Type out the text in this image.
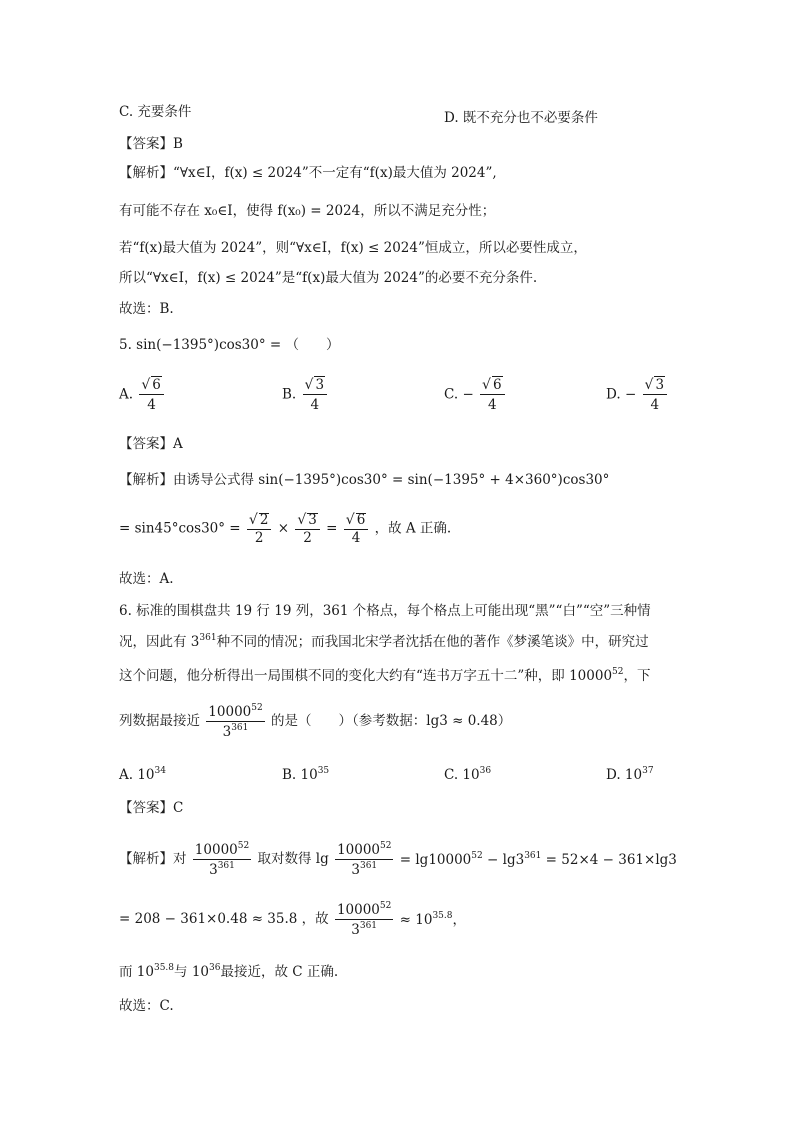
C. 充要条件	D. 既不充分也不必要条件
【答案】B
【解析】“∀x∈I，f(x) ≤ 2024”不一定有“f(x)最大值为 2024”,
有可能不存在 x₀∈I，使得 f(x₀) = 2024，所以不满足充分性；
若“f(x)最大值为 2024”，则“∀x∈I，f(x) ≤ 2024”恒成立，所以必要性成立，
所以“∀x∈I，f(x) ≤ 2024”是“f(x)最大值为 2024”的必要不充分条件.
故选：B.
5. sin(−1395°)cos30° = （　　）
A. $\frac{√ 6}{4}$	B. $\frac{√ 3}{4}$	C. − $\frac{√ 6}{4}$	D. − $\frac{√ 3}{4}$
【答案】A
【解析】由诱导公式得 sin(−1395°)cos30° = sin(−1395° + 4×360°)cos30°
= $\sin 45^\circ\cos 30^\circ = \frac{√ 2}{2} \times \frac{√ 3}{2} = \frac{√ 6}{4}$ ，故 A 正确.
故选：A.
6. 标准的围棋盘共 19 行 19 列，361 个格点，每个格点上可能出现“黑”“白”“空”三种情
况，因此有 $3^{361}$种不同的情况；而我国北宋学者沈括在他的著作《梦溪笔谈》中，研究过
这个问题，他分析得出一局围棋不同的变化大约有“连书万字五十二”种，即 10000$^{52}$，下
列数据最接近 $\frac{10000^{52}}{3^{361}}$ 的是（　　）（参考数据：lg3 ≈ 0.48）
A. $10^{34}$	B. $10^{35}$	C. $10^{36}$	D. $10^{37}$
【答案】C
【解析】对 $\frac{10000^{52}}{3^{361}}$ 取对数得 $\lg \frac{10000^{52}}{3^{361}} = \lg 10000^{52} - \lg 3^{361} = 52\times 4 - 361\times\lg 3$
= 208 − 361×0.48 ≈ 35.8 ，故 $\frac{10000^{52}}{3^{361}} \approx 10^{35.8}$，
而 $10^{35.8}$与 $10^{36}$最接近，故 C 正确.
故选：C.
